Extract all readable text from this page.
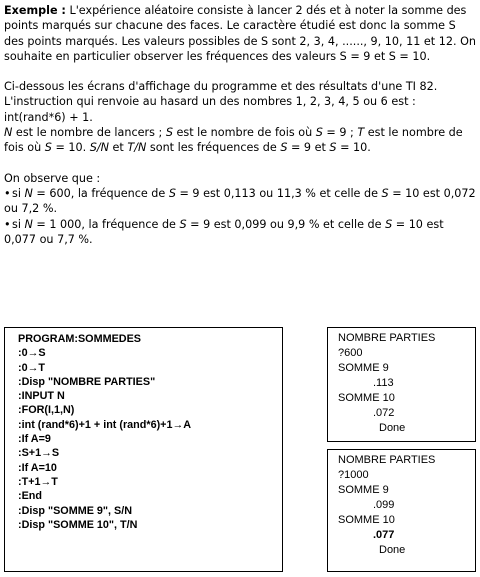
Exemple : L'expérience aléatoire consiste à lancer 2 dés et à noter la somme des points marqués sur chacune des faces. Le caractère étudié est donc la somme S des points marqués. Les valeurs possibles de S sont 2, 3, 4, ......, 9, 10, 11 et 12. On souhaite en particulier observer les fréquences des valeurs S = 9 et S = 10.

Ci-dessous les écrans d'affichage du programme et des résultats d'une TI 82.

L'instruction qui renvoie au hasard un des nombres 1, 2, 3, 4, 5 ou 6 est : int(rand*6) + 1.

N est le nombre de lancers ; S est le nombre de fois où S = 9 ; T est le nombre de fois où S = 10. S/N et T/N sont les fréquences de S = 9 et S = 10.

On observe que :

•si N = 600, la fréquence de S = 9 est 0,113 ou 11,3 % et celle de S = 10 est 0,072 ou 7,2 %.

•si N = 1 000, la fréquence de S = 9 est 0,099 ou 9,9 % et celle de S = 10 est 0,077 ou 7,7 %.

PROGRAM:SOMMEDES
:0→S
:0→T
:Disp "NOMBRE PARTIES"
:INPUT N
:FOR(I,1,N)
:int (rand*6)+1 + int (rand*6)+1→A
:If A=9
:S+1→S
:If A=10
:T+1→T
:End
:Disp "SOMME 9", S/N
:Disp "SOMME 10", T/N
NOMBRE PARTIES
?600
SOMME 9
.113
SOMME 10
.072
Done
NOMBRE PARTIES
?1000
SOMME 9
.099
SOMME 10
.077
Done
